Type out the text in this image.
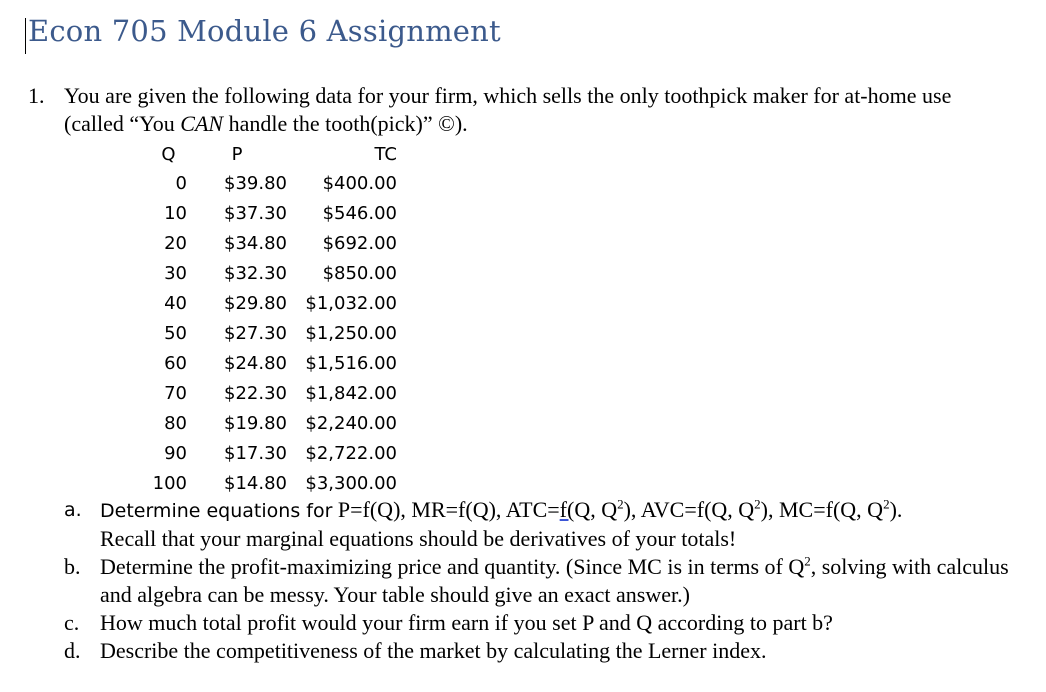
Econ 705 Module 6 Assignment
1. You are given the following data for your firm, which sells the only toothpick maker for at-home use (called “You CAN handle the tooth(pick)” ©).
Q	P	TC
0	$39.80	$400.00
10	$37.30	$546.00
20	$34.80	$692.00
30	$32.30	$850.00
40	$29.80	$1,032.00
50	$27.30	$1,250.00
60	$24.80	$1,516.00
70	$22.30	$1,842.00
80	$19.80	$2,240.00
90	$17.30	$2,722.00
100	$14.80	$3,300.00
a. Determine equations for P=f(Q), MR=f(Q), ATC=f(Q, $Q^2$), AVC=f(Q, $Q^2$), MC=f(Q, $Q^2$).
Recall that your marginal equations should be derivatives of your totals!
b. Determine the profit-maximizing price and quantity. (Since MC is in terms of $Q^2$, solving with calculus and algebra can be messy. Your table should give an exact answer.)
c. How much total profit would your firm earn if you set P and Q according to part b?
d. Describe the competitiveness of the market by calculating the Lerner index.
